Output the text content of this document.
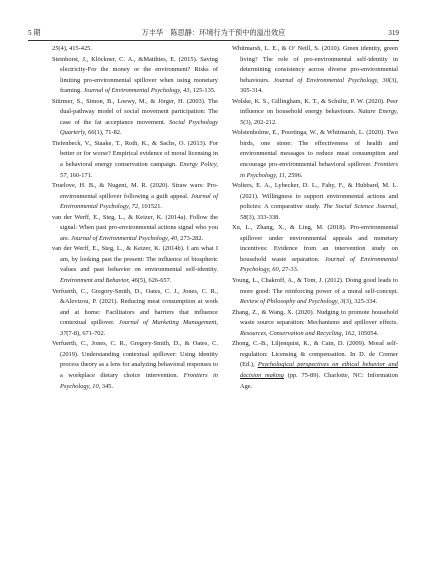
5 期	万丰华　陈思静：环境行为干预中的溢出效应	319

25(4), 415-425.

Steinhorst, J., Klöckner, C. A., &Matthies, E. (2015). Saving electricity-For the money or the environment? Risks of limiting pro-environmental spillover when using monetary framing. Journal of Environmental Psychology, 43, 125-135.

Stürmer, S., Simon, B., Loewy, M., & Jörger, H. (2003). The dual-pathway model of social movement participation: The case of the fat acceptance movement. Social Psychology Quarterly, 66(1), 71-82.

Tiefenbeck, V., Staake, T., Roth, K., & Sachs, O. (2013). For better or for worse? Empirical evidence of moral licensing in a behavioral energy conservation campaign. Energy Policy, 57, 160-171.

Truelove, H. B., & Nugent, M. R. (2020). Straw wars: Pro-environmental spillover following a guilt appeal. Journal of Environmental Psychology, 72, 101521.

van der Werff, E., Steg, L., & Keizer, K. (2014a). Follow the signal: When past pro-environmental actions signal who you are. Journal of Environmental Psychology, 40, 273-282.

van der Werff, E., Steg, L., & Keizer, K. (2014b). I am what I am, by looking past the present: The influence of biospheric values and past behavior on environmental self-identity. Environment and Behavior, 46(5), 626-657.

Verfuerth, C., Gregory-Smith, D., Oates, C. J., Jones, C. R., &Alevizou, P. (2021). Reducing meat consumption at work and at home: Facilitators and barriers that influence contextual spillover. Journal of Marketing Management, 37(7-8), 671-702.

Verfuerth, C., Jones, C. R., Gregory-Smith, D., & Oates, C. (2019). Understanding contextual spillover: Using identity process theory as a lens for analyzing behavioral responses to a workplace dietary choice intervention. Frontiers in Psychology, 10, 345.

Whitmarsh, L. E., & O’ Neill, S. (2010). Green identity, green living? The role of pro-environmental self-identity in determining consistency across diverse pro-environmental behaviours. Journal of Environmental Psychology, 30(3), 305-314.

Wolske, K. S., Gillingham, K. T., & Schultz, P. W. (2020). Peer influence on household energy behaviours. Nature Energy, 5(3), 202-212.

Wolstenholme, E., Poortinga, W., & Whitmarsh, L. (2020). Two birds, one stone: The effectiveness of health and environmental messages to reduce meat consumption and encourage pro-environmental behavioral spillover. Frontiers in Psychology, 11, 2596.

Wolters, E. A., Lybecker, D. L., Fahy, F., & Hubbard, M. L. (2021). Willingness to support environmental actions and policies: A comparative study. The Social Science Journal, 58(3), 333-338.

Xu, L., Zhang, X., & Ling, M. (2018). Pro-environmental spillover under environmental appeals and monetary incentives: Evidence from an intervention study on household waste separation. Journal of Environmental Psychology, 60, 27-33.

Young, L., Chakroff, A., & Tom, J. (2012). Doing good leads to more good: The reinforcing power of a moral self-concept. Review of Philosophy and Psychology, 3(3), 325-334.

Zhang, Z., & Wang, X. (2020). Nudging to promote household waste source separation: Mechanisms and spillover effects. Resources, Conservation and Recycling, 162, 105054.

Zhong, C.-B., Liljenquist, K., & Cain, D. (2009). Moral self-regulation: Licensing & compensation. In D. de Cremer (Ed.), Psychological perspectives on ethical behavior and decision making (pp. 75-89). Charlotte, NC: Information Age.
